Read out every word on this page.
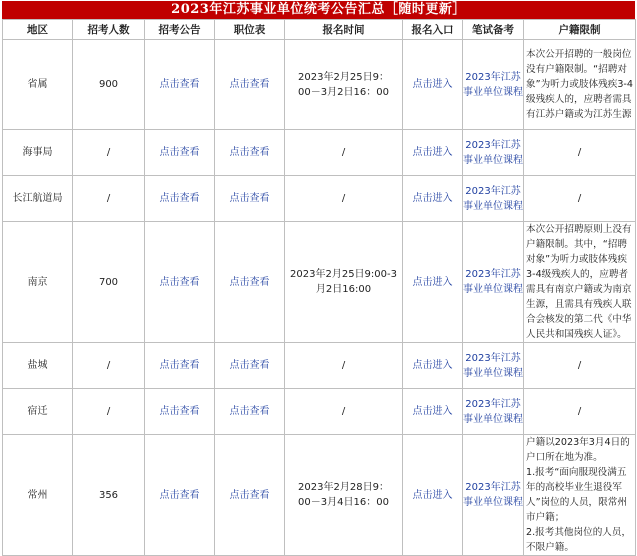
2023年江苏事业单位统考公告汇总［随时更新］
地区	招考人数	招考公告	职位表	报名时间	报名入口	笔试备考	户籍限制
省属	900	点击查看	点击查看	2023年2月25日9：00－3月2日16：00	点击进入	2023年江苏事业单位课程	本次公开招聘的一般岗位没有户籍限制。“招聘对象”为听力或肢体残疾3-4级残疾人的，应聘者需具有江苏户籍或为江苏生源

海事局	/	点击查看	点击查看	/	点击进入	2023年江苏事业单位课程	/
长江航道局	/	点击查看	点击查看	/	点击进入	2023年江苏事业单位课程	/
南京	700	点击查看	点击查看	2023年2月25日9:00-3月2日16:00	点击进入	2023年江苏事业单位课程	本次公开招聘原则上没有户籍限制。其中，“招聘对象”为听力或肢体残疾3-4级残疾人的，应聘者需具有南京户籍或为南京生源，且需具有残疾人联合会核发的第二代《中华人民共和国残疾人证》。

盐城	/	点击查看	点击查看	/	点击进入	2023年江苏事业单位课程	/
宿迁	/	点击查看	点击查看	/	点击进入	2023年江苏事业单位课程	/
常州	356	点击查看	点击查看	2023年2月28日9：00－3月4日16：00	点击进入	2023年江苏事业单位课程	户籍以2023年3月4日的户口所在地为准。

1.报考“面向服现役满五年的高校毕业生退役军人”岗位的人员，限常州市户籍；

2.报考其他岗位的人员，不限户籍。
